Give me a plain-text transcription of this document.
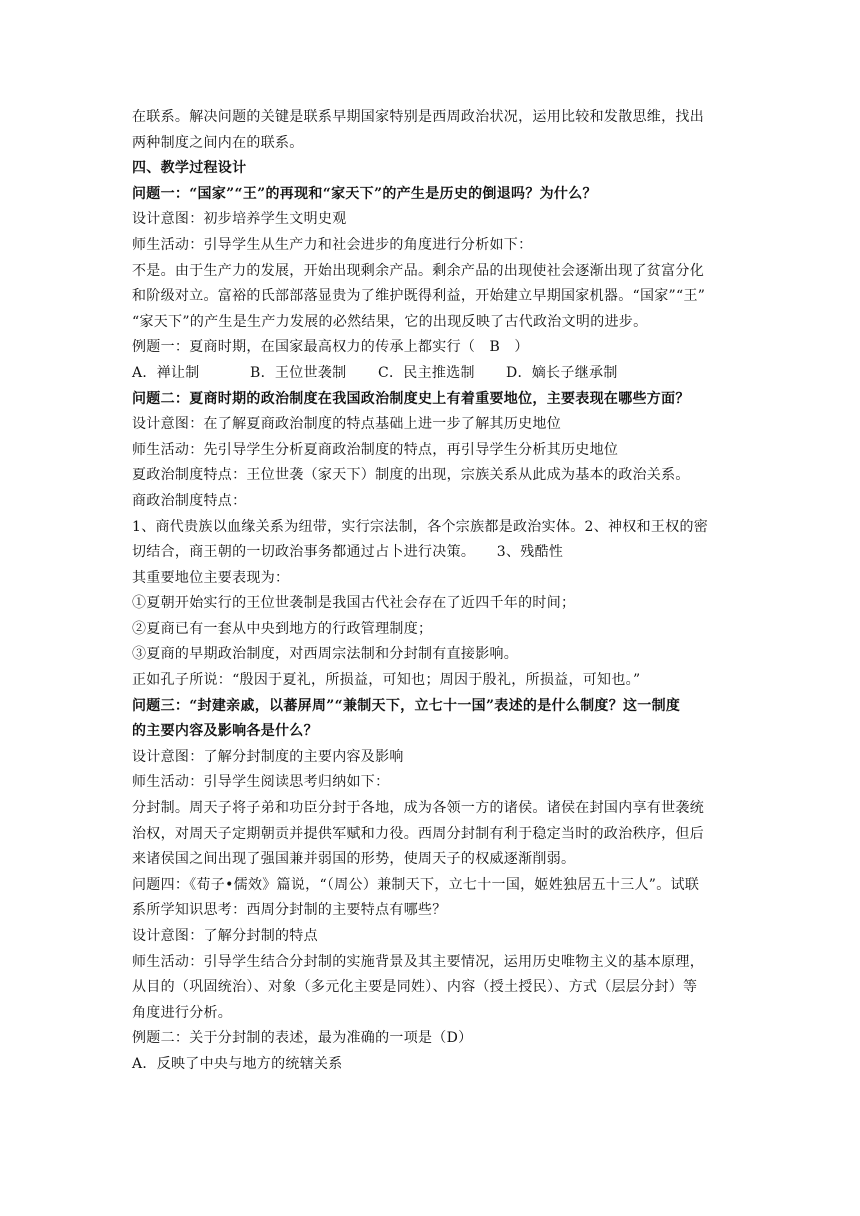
在联系。解决问题的关键是联系早期国家特别是西周政治状况，运用比较和发散思维，找出
两种制度之间内在的联系。
四、教学过程设计
问题一：“国家”“王”的再现和“家天下”的产生是历史的倒退吗？为什么？
设计意图：初步培养学生文明史观
师生活动：引导学生从生产力和社会进步的角度进行分析如下：
不是。由于生产力的发展，开始出现剩余产品。剩余产品的出现使社会逐渐出现了贫富分化
和阶级对立。富裕的氏部部落显贵为了维护既得利益，开始建立早期国家机器。“国家”“王”
“家天下”的产生是生产力发展的必然结果，它的出现反映了古代政治文明的进步。
例题一：夏商时期，在国家最高权力的传承上都实行（　B　）
A．禅让制	B．王位世袭制	C．民主推选制	D．嫡长子继承制
问题二：夏商时期的政治制度在我国政治制度史上有着重要地位，主要表现在哪些方面？
设计意图：在了解夏商政治制度的特点基础上进一步了解其历史地位
师生活动：先引导学生分析夏商政治制度的特点，再引导学生分析其历史地位
夏政治制度特点：王位世袭（家天下）制度的出现，宗族关系从此成为基本的政治关系。
商政治制度特点：
1、商代贵族以血缘关系为纽带，实行宗法制，各个宗族都是政治实体。2、神权和王权的密
切结合，商王朝的一切政治事务都通过占卜进行决策。　　3、残酷性
其重要地位主要表现为：
①夏朝开始实行的王位世袭制是我国古代社会存在了近四千年的时间；
②夏商已有一套从中央到地方的行政管理制度；
③夏商的早期政治制度，对西周宗法制和分封制有直接影响。
正如孔子所说：“殷因于夏礼，所损益，可知也；周因于殷礼，所损益，可知也。”
问题三：“封建亲戚，以蕃屏周”“兼制天下，立七十一国”表述的是什么制度？这一制度
的主要内容及影响各是什么？
设计意图：了解分封制度的主要内容及影响
师生活动：引导学生阅读思考归纳如下：
分封制。周天子将子弟和功臣分封于各地，成为各领一方的诸侯。诸侯在封国内享有世袭统
治权，对周天子定期朝贡并提供军赋和力役。西周分封制有利于稳定当时的政治秩序，但后
来诸侯国之间出现了强国兼并弱国的形势，使周天子的权威逐渐削弱。
问题四：《荀子•儒效》篇说，“（周公）兼制天下，立七十一国，姬姓独居五十三人”。试联
系所学知识思考：西周分封制的主要特点有哪些？
设计意图：了解分封制的特点
师生活动：引导学生结合分封制的实施背景及其主要情况，运用历史唯物主义的基本原理，
从目的（巩固统治）、对象（多元化主要是同姓）、内容（授土授民）、方式（层层分封）等
角度进行分析。
例题二：关于分封制的表述，最为准确的一项是（D）
A．反映了中央与地方的统辖关系
